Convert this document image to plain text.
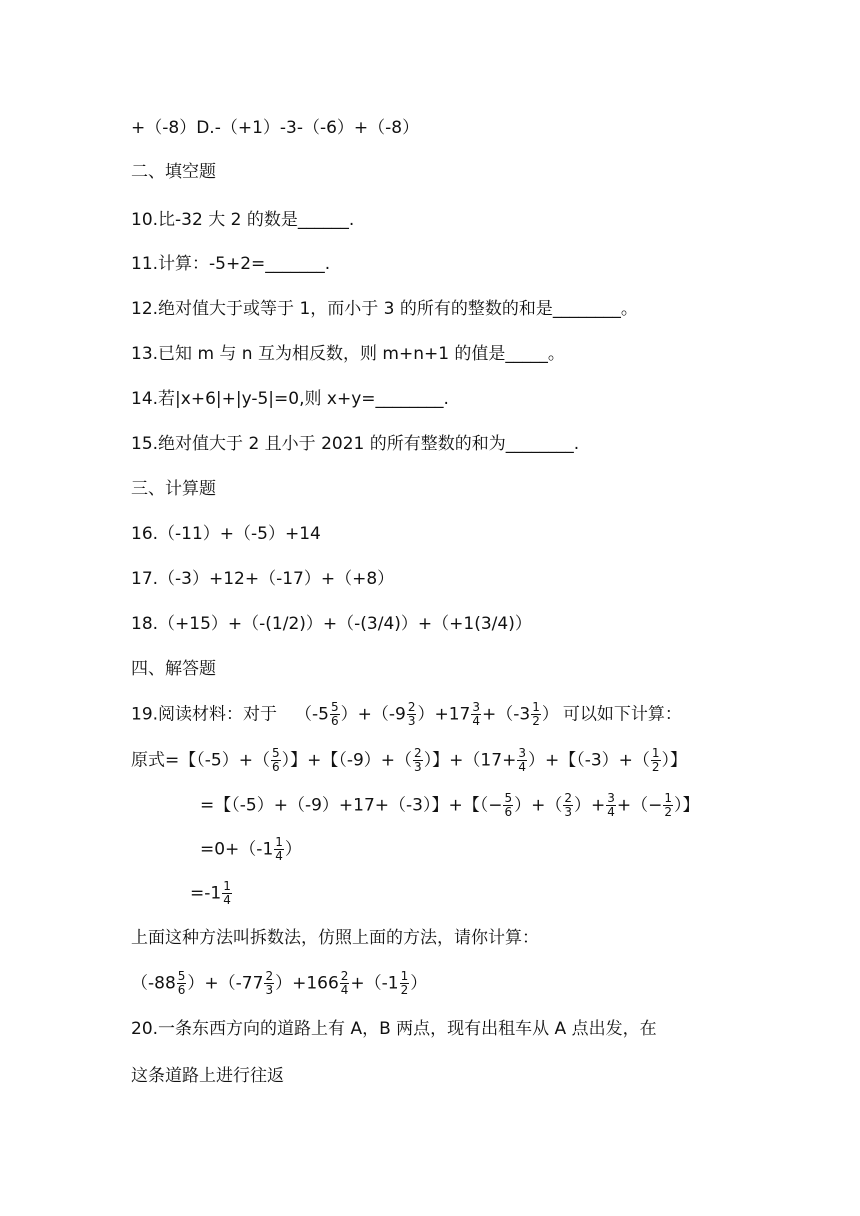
+（-8）D.-（+1）-3-（-6）+（-8）
二、填空题
10.比-32 大 2 的数是______.
11.计算：-5+2=_______.
12.绝对值大于或等于 1，而小于 3 的所有的整数的和是________。
13.已知 m 与 n 互为相反数，则 m+n+1 的值是_____。
14.若|x+6|+|y-5|=0,则 x+y=________.
15.绝对值大于 2 且小于 2021 的所有整数的和为________.
三、计算题
16.（-11）+（-5）+14
17.（-3）+12+（-17）+（+8）
18.（+15）+（-(1/2)）+（-(3/4)）+（+1(3/4)）
四、解答题
19.阅读材料：对于 $(-5 \frac{5}{6} )+(-9 \frac{2}{3} )+17 \frac{3}{4} +(-3 \frac{1}{2}$ ） 可以如下计算：
原式=【$(-5)+( \frac{5}{6}$ ）】+【$(-9)+( \frac{2}{3}$ ）】$+(17+ \frac{3}{4}$ ）+【$(-3)+( \frac{1}{2}$ ）】
=【（-5）+（-9）+17+（-3）】+【（− $\frac{5}{6}$ ）+（ $\frac{2}{3}$ ）+ $\frac{3}{4}$ +（− $\frac{1}{2}$ ）】
$=0+(-1 \frac{1}{4}$ ）
$=-1 \frac{1}{4}$
上面这种方法叫拆数法，仿照上面的方法，请你计算：
$(-88 \frac{5}{6} )+(-77 \frac{2}{3} )+166 \frac{2}{4} +(-1 \frac{1}{2}$ ）
20.一条东西方向的道路上有 A，B 两点，现有出租车从 A 点出发，在
这条道路上进行往返
